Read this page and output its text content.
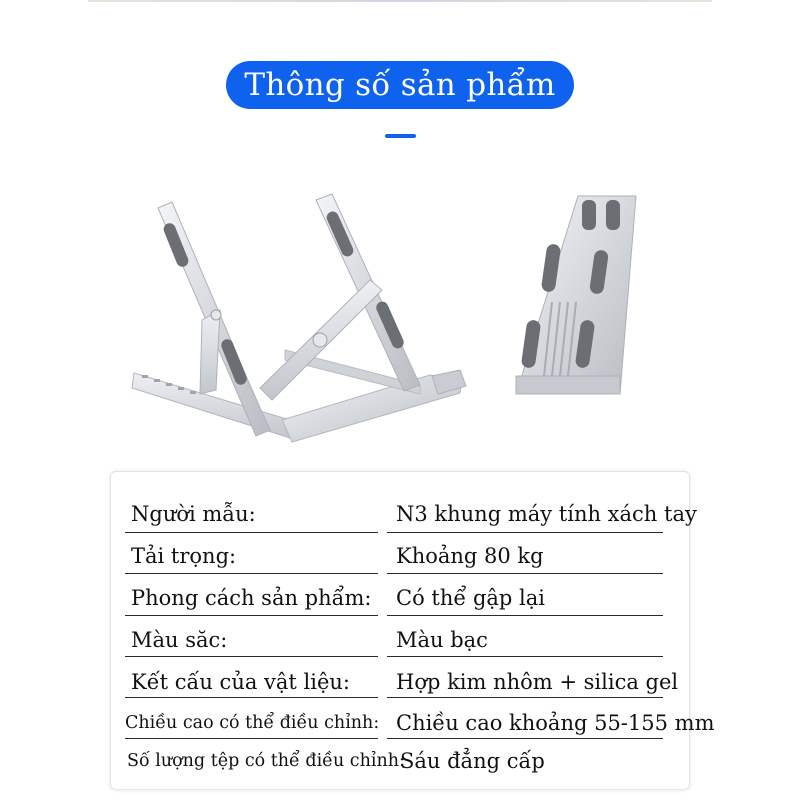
Thông số sản phẩm
Người mẫu:	N3 khung máy tính xách tay
Tải trọng:	Khoảng 80 kg
Phong cách sản phẩm: Có thể gập lại
Màu săc:	Màu bạc
Kết cấu của vật liệu: Hợp kim nhôm + silica gel
Chiều cao có thể điều chỉnh: Chiều cao khoảng 55-155 mm
Số lượng tệp có thể điều chỉnh:
Sáu đẳng cấp
